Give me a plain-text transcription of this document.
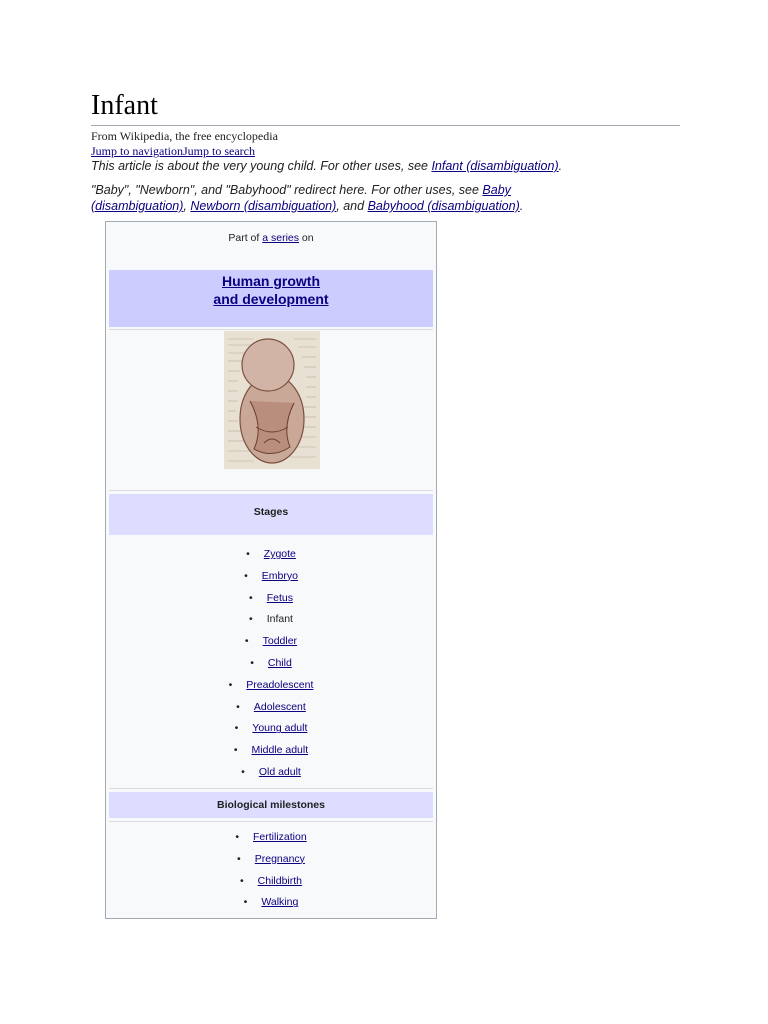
Infant
From Wikipedia, the free encyclopedia
Jump to navigationJump to search
This article is about the very young child. For other uses, see Infant (disambiguation).
"Baby", "Newborn", and "Babyhood" redirect here. For other uses, see Baby (disambiguation), Newborn (disambiguation), and Babyhood (disambiguation).
Part of a series on
Human growth
and development
Stages
• Zygote
• Embryo
• Fetus
• Infant
• Toddler
• Child
• Preadolescent
• Adolescent
• Young adult
• Middle adult
• Old adult
Biological milestones
• Fertilization
• Pregnancy
• Childbirth
• Walking
